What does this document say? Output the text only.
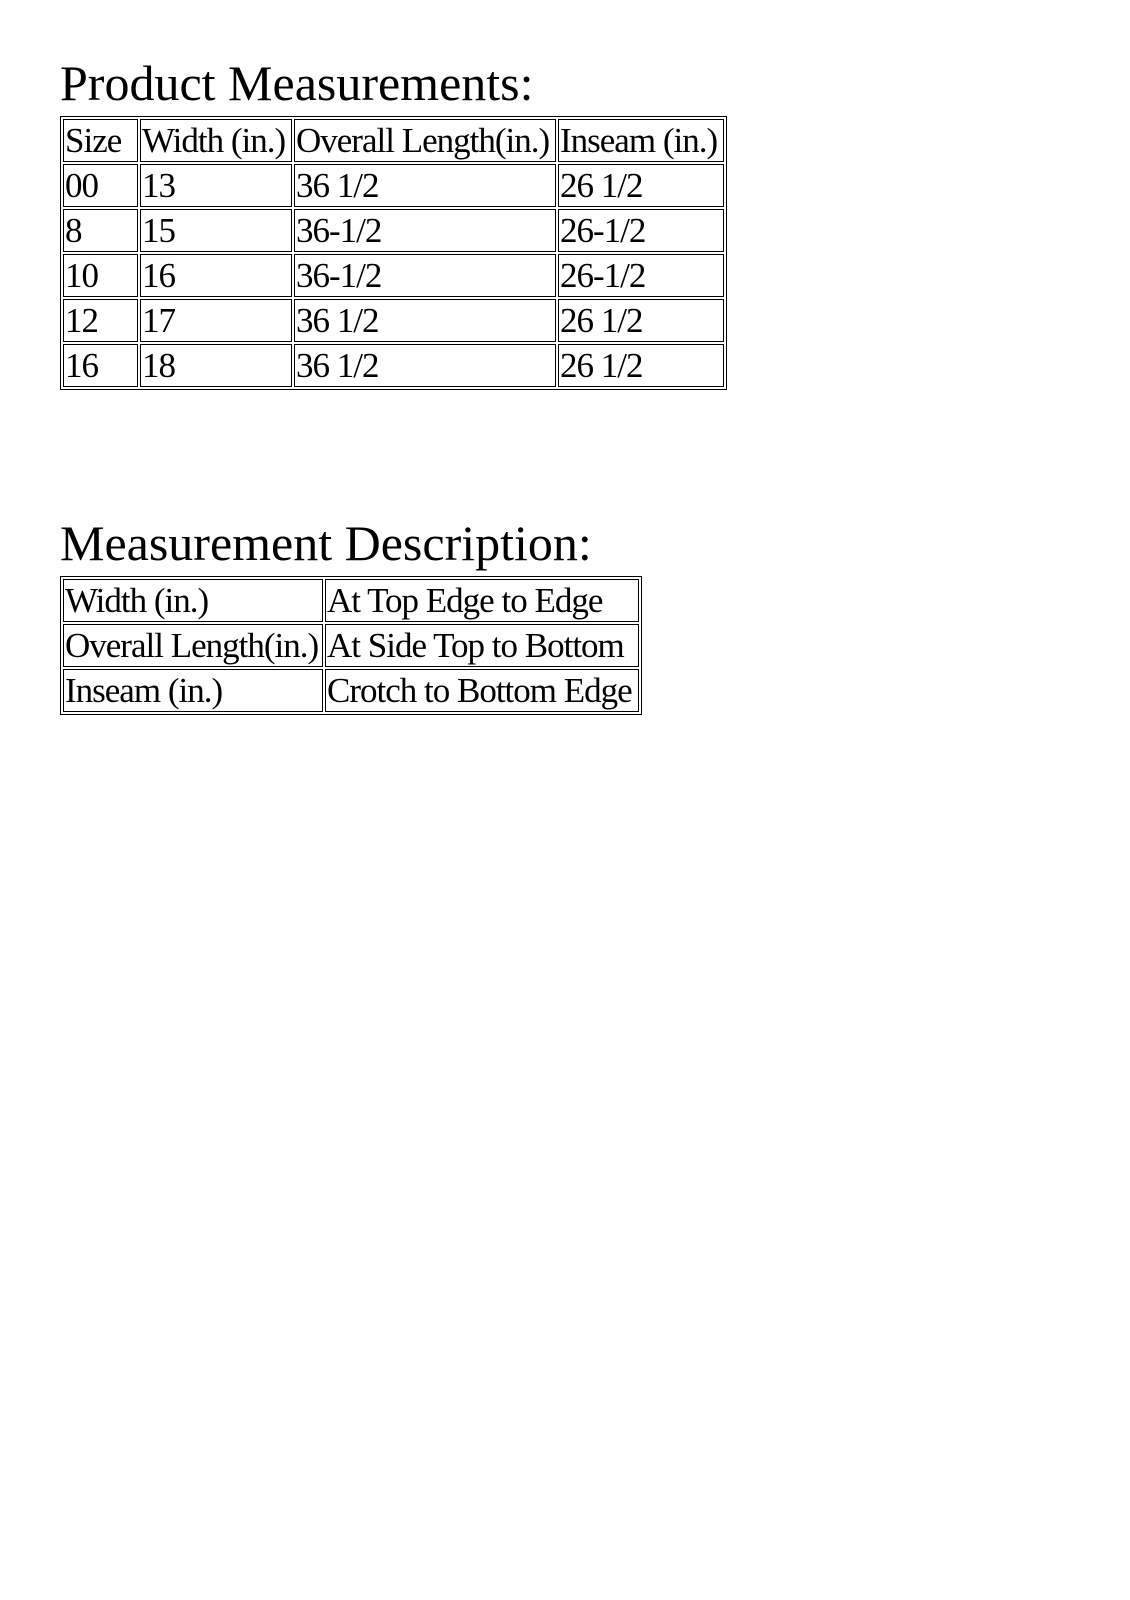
Product Measurements:
Size	Width (in.)	Overall Length(in.)	Inseam (in.)
00	13	36 1/2	26 1/2
8	15	36-1/2	26-1/2
10	16	36-1/2	26-1/2
12	17	36 1/2	26 1/2
16	18	36 1/2	26 1/2
Measurement Description:
Width (in.)	At Top Edge to Edge
Overall Length(in.)	At Side Top to Bottom
Inseam (in.)	Crotch to Bottom Edge
